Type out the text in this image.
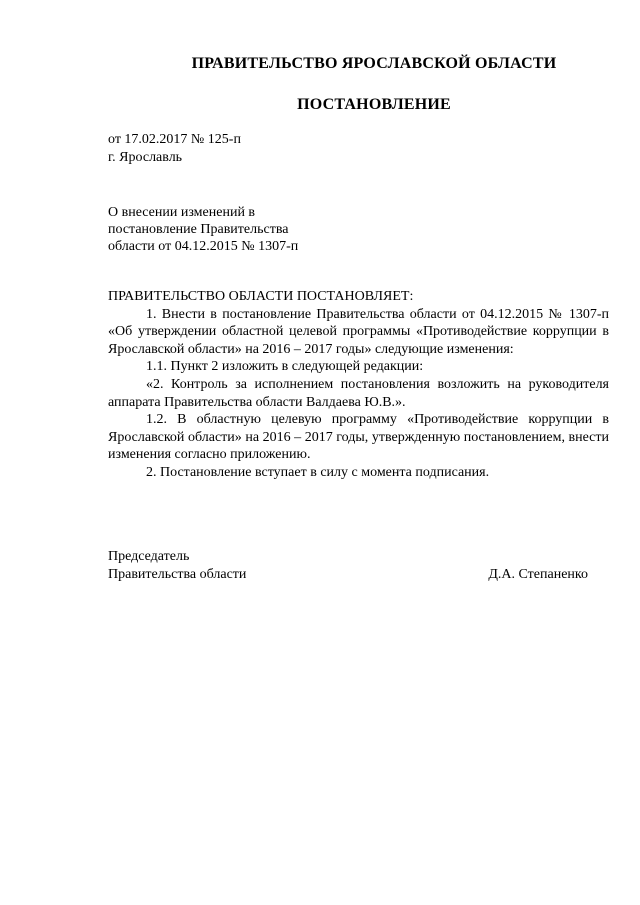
ПРАВИТЕЛЬСТВО ЯРОСЛАВСКОЙ ОБЛАСТИ
ПОСТАНОВЛЕНИЕ
от 17.02.2017 № 125-п
г. Ярославль
О внесении изменений в
постановление Правительства
области от 04.12.2015 № 1307-п

ПРАВИТЕЛЬСТВО ОБЛАСТИ ПОСТАНОВЛЯЕТ:

1. Внести в постановление Правительства области от 04.12.2015 № 1307-п «Об утверждении областной целевой программы «Противодействие коррупции в Ярославской области» на 2016 – 2017 годы» следующие изменения:

1.1. Пункт 2 изложить в следующей редакции:

«2. Контроль за исполнением постановления возложить на руководителя аппарата Правительства области Валдаева Ю.В.».

1.2. В областную целевую программу «Противодействие коррупции в Ярославской области» на 2016 – 2017 годы, утвержденную постановлением, внести изменения согласно приложению.

2. Постановление вступает в силу с момента подписания.

Председатель
Правительства области	Д.А. Степаненко
